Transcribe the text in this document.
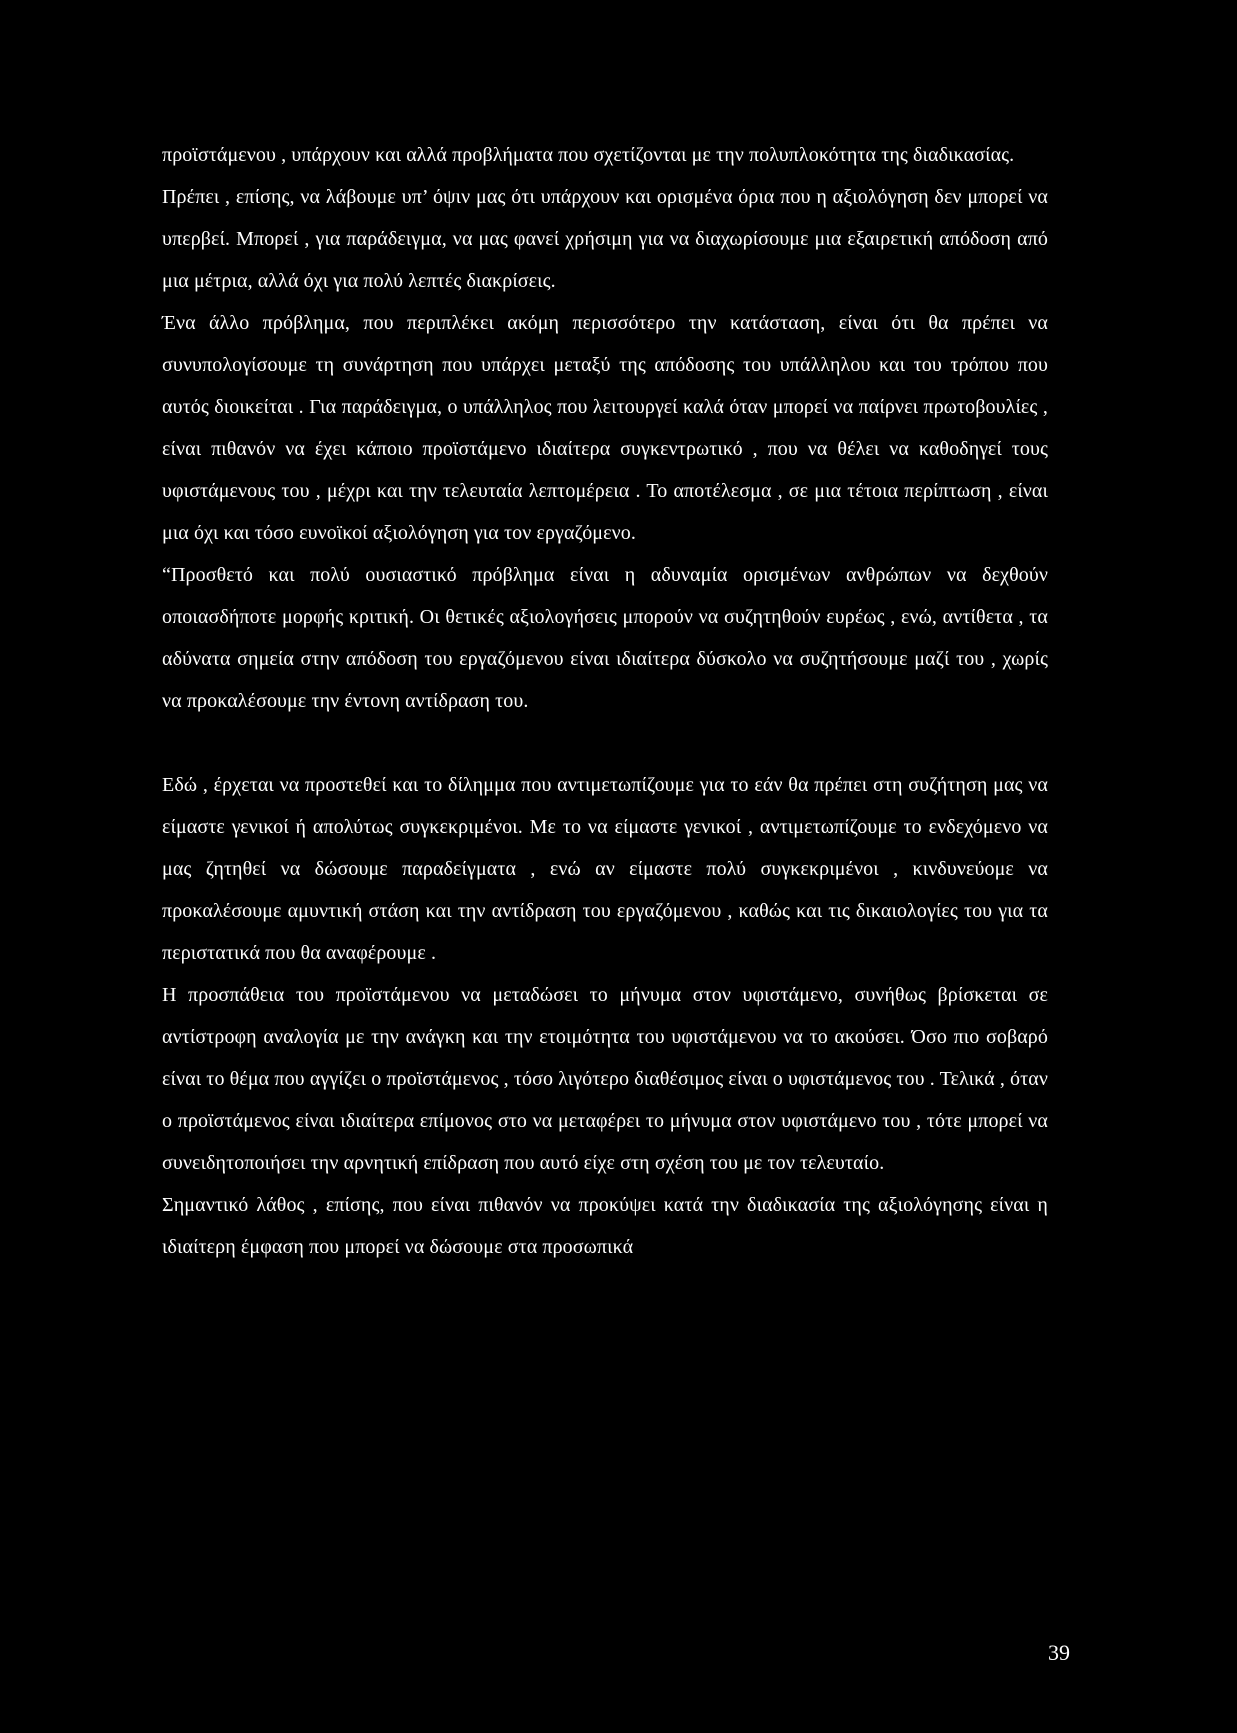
προϊστάμενου , υπάρχουν και αλλά προβλήματα που σχετίζονται με την πολυπλοκότητα της διαδικασίας.

Πρέπει , επίσης, να λάβουμε υπ’ όψιν μας ότι υπάρχουν και ορισμένα όρια που η αξιολόγηση δεν μπορεί να υπερβεί. Μπορεί , για παράδειγμα, να μας φανεί χρήσιμη για να διαχωρίσουμε μια εξαιρετική απόδοση από μια μέτρια, αλλά όχι για πολύ λεπτές διακρίσεις.

Ένα άλλο πρόβλημα, που περιπλέκει ακόμη περισσότερο την κατάσταση, είναι ότι θα πρέπει να συνυπολογίσουμε τη συνάρτηση που υπάρχει μεταξύ της απόδοσης του υπάλληλου και του τρόπου που αυτός διοικείται . Για παράδειγμα, ο υπάλληλος που λειτουργεί καλά όταν μπορεί να παίρνει πρωτοβουλίες , είναι πιθανόν να έχει κάποιο προϊστάμενο ιδιαίτερα συγκεντρωτικό , που να θέλει να καθοδηγεί τους υφιστάμενους του , μέχρι και την τελευταία λεπτομέρεια . Το αποτέλεσμα , σε μια τέτοια περίπτωση , είναι μια όχι και τόσο ευνοϊκοί αξιολόγηση για τον εργαζόμενο.

“Προσθετό και πολύ ουσιαστικό πρόβλημα είναι η αδυναμία ορισμένων ανθρώπων να δεχθούν οποιασδήποτε μορφής κριτική. Οι θετικές αξιολογήσεις μπορούν να συζητηθούν ευρέως , ενώ, αντίθετα , τα αδύνατα σημεία στην απόδοση του εργαζόμενου είναι ιδιαίτερα δύσκολο να συζητήσουμε μαζί του , χωρίς να προκαλέσουμε την έντονη αντίδραση του.

Εδώ , έρχεται να προστεθεί και το δίλημμα που αντιμετωπίζουμε για το εάν θα πρέπει στη συζήτηση μας να είμαστε γενικοί ή απολύτως συγκεκριμένοι. Με το να είμαστε γενικοί , αντιμετωπίζουμε το ενδεχόμενο να μας ζητηθεί να δώσουμε παραδείγματα , ενώ αν είμαστε πολύ συγκεκριμένοι , κινδυνεύομε να προκαλέσουμε αμυντική στάση και την αντίδραση του εργαζόμενου , καθώς και τις δικαιολογίες του για τα περιστατικά που θα αναφέρουμε .

Η προσπάθεια του προϊστάμενου να μεταδώσει το μήνυμα στον υφιστάμενο, συνήθως βρίσκεται σε αντίστροφη αναλογία με την ανάγκη και την ετοιμότητα του υφιστάμενου να το ακούσει. Όσο πιο σοβαρό είναι το θέμα που αγγίζει ο προϊστάμενος , τόσο λιγότερο διαθέσιμος είναι ο υφιστάμενος του . Τελικά , όταν ο προϊστάμενος είναι ιδιαίτερα επίμονος στο να μεταφέρει το μήνυμα στον υφιστάμενο του , τότε μπορεί να συνειδητοποιήσει την αρνητική επίδραση που αυτό είχε στη σχέση του με τον τελευταίο.

Σημαντικό λάθος , επίσης, που είναι πιθανόν να προκύψει κατά την διαδικασία της αξιολόγησης είναι η ιδιαίτερη έμφαση που μπορεί να δώσουμε στα προσωπικά

39
